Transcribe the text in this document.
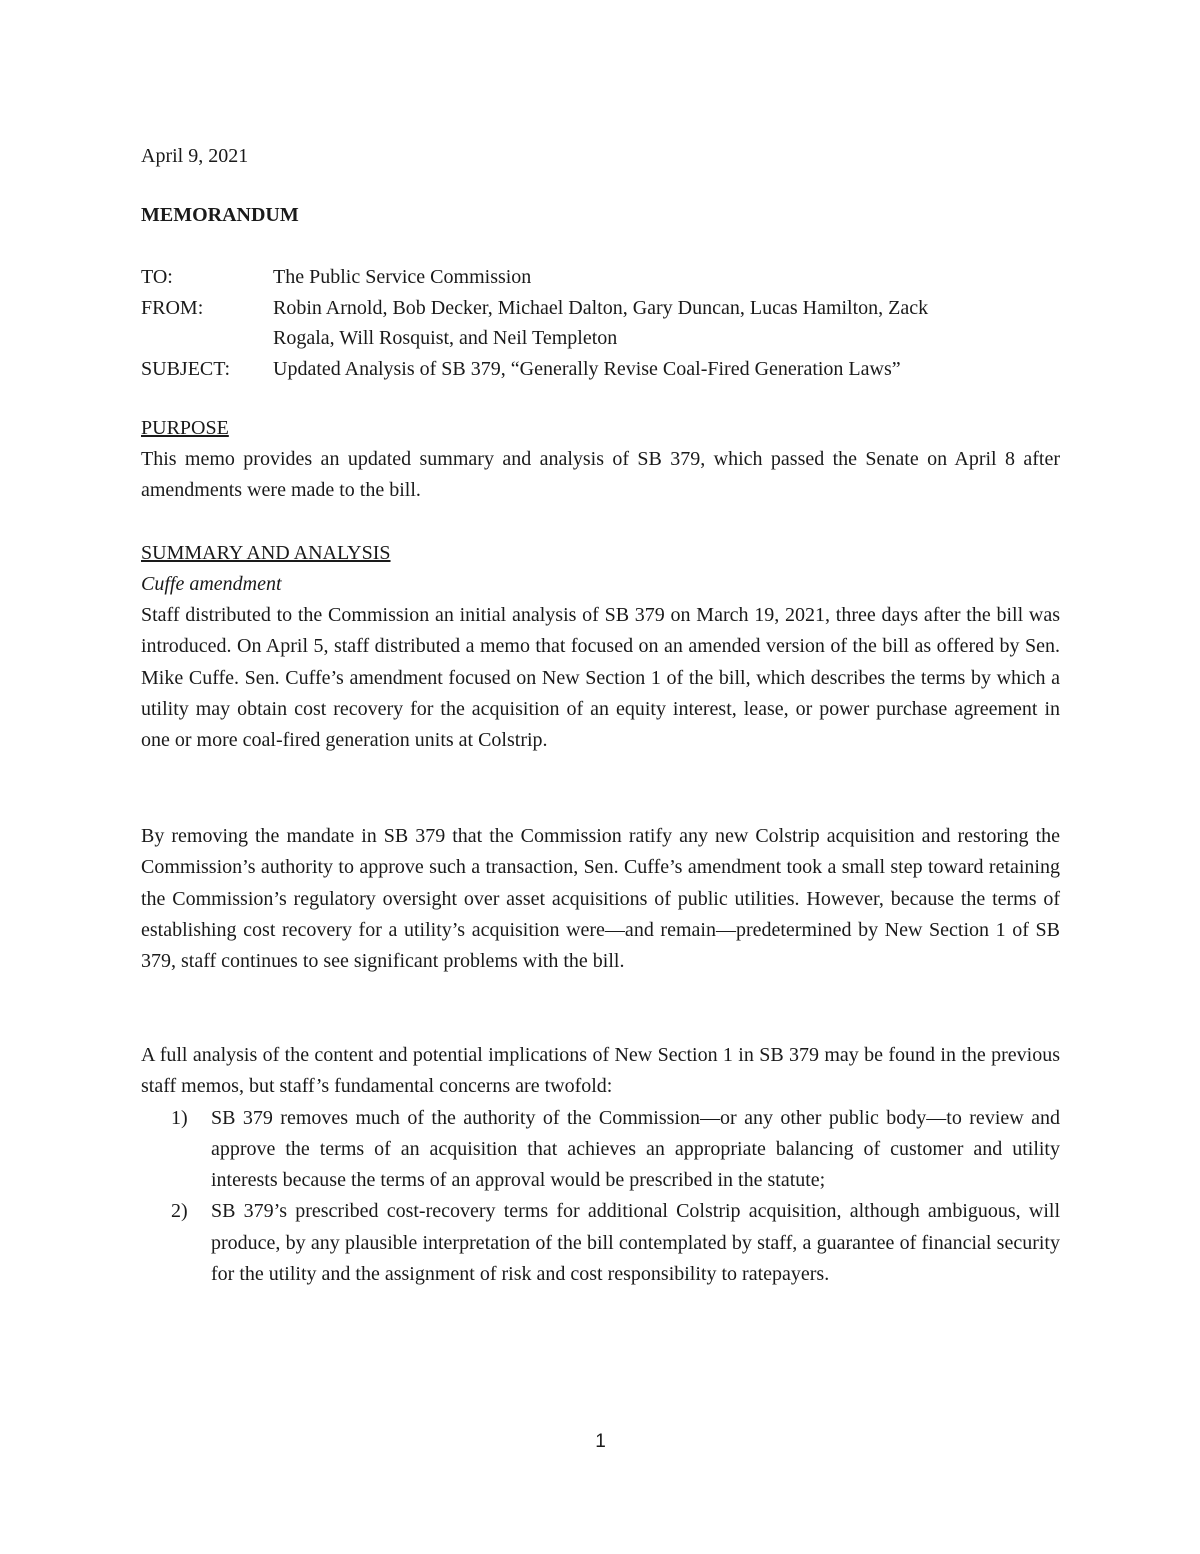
April 9, 2021
MEMORANDUM
TO:	The Public Service Commission
FROM:	Robin Arnold, Bob Decker, Michael Dalton, Gary Duncan, Lucas Hamilton, Zack
Rogala, Will Rosquist, and Neil Templeton
SUBJECT:	Updated Analysis of SB 379, “Generally Revise Coal-Fired Generation Laws”
PURPOSE

This memo provides an updated summary and analysis of SB 379, which passed the Senate on April 8 after amendments were made to the bill.

SUMMARY AND ANALYSIS
Cuffe amendment

Staff distributed to the Commission an initial analysis of SB 379 on March 19, 2021, three days after the bill was introduced. On April 5, staff distributed a memo that focused on an amended version of the bill as offered by Sen. Mike Cuffe. Sen. Cuffe’s amendment focused on New Section 1 of the bill, which describes the terms by which a utility may obtain cost recovery for the acquisition of an equity interest, lease, or power purchase agreement in one or more coal-fired generation units at Colstrip.

By removing the mandate in SB 379 that the Commission ratify any new Colstrip acquisition and restoring the Commission’s authority to approve such a transaction, Sen. Cuffe’s amendment took a small step toward retaining the Commission’s regulatory oversight over asset acquisitions of public utilities. However, because the terms of establishing cost recovery for a utility’s acquisition were—and remain—predetermined by New Section 1 of SB 379, staff continues to see significant problems with the bill.

A full analysis of the content and potential implications of New Section 1 in SB 379 may be found in the previous staff memos, but staff’s fundamental concerns are twofold:

1)	SB 379 removes much of the authority of the Commission—or any other public body—to review and approve the terms of an acquisition that achieves an appropriate balancing of customer and utility interests because the terms of an approval would be prescribed in the statute;
2)	SB 379’s prescribed cost-recovery terms for additional Colstrip acquisition, although ambiguous, will produce, by any plausible interpretation of the bill contemplated by staff, a guarantee of financial security for the utility and the assignment of risk and cost responsibility to ratepayers.
1
